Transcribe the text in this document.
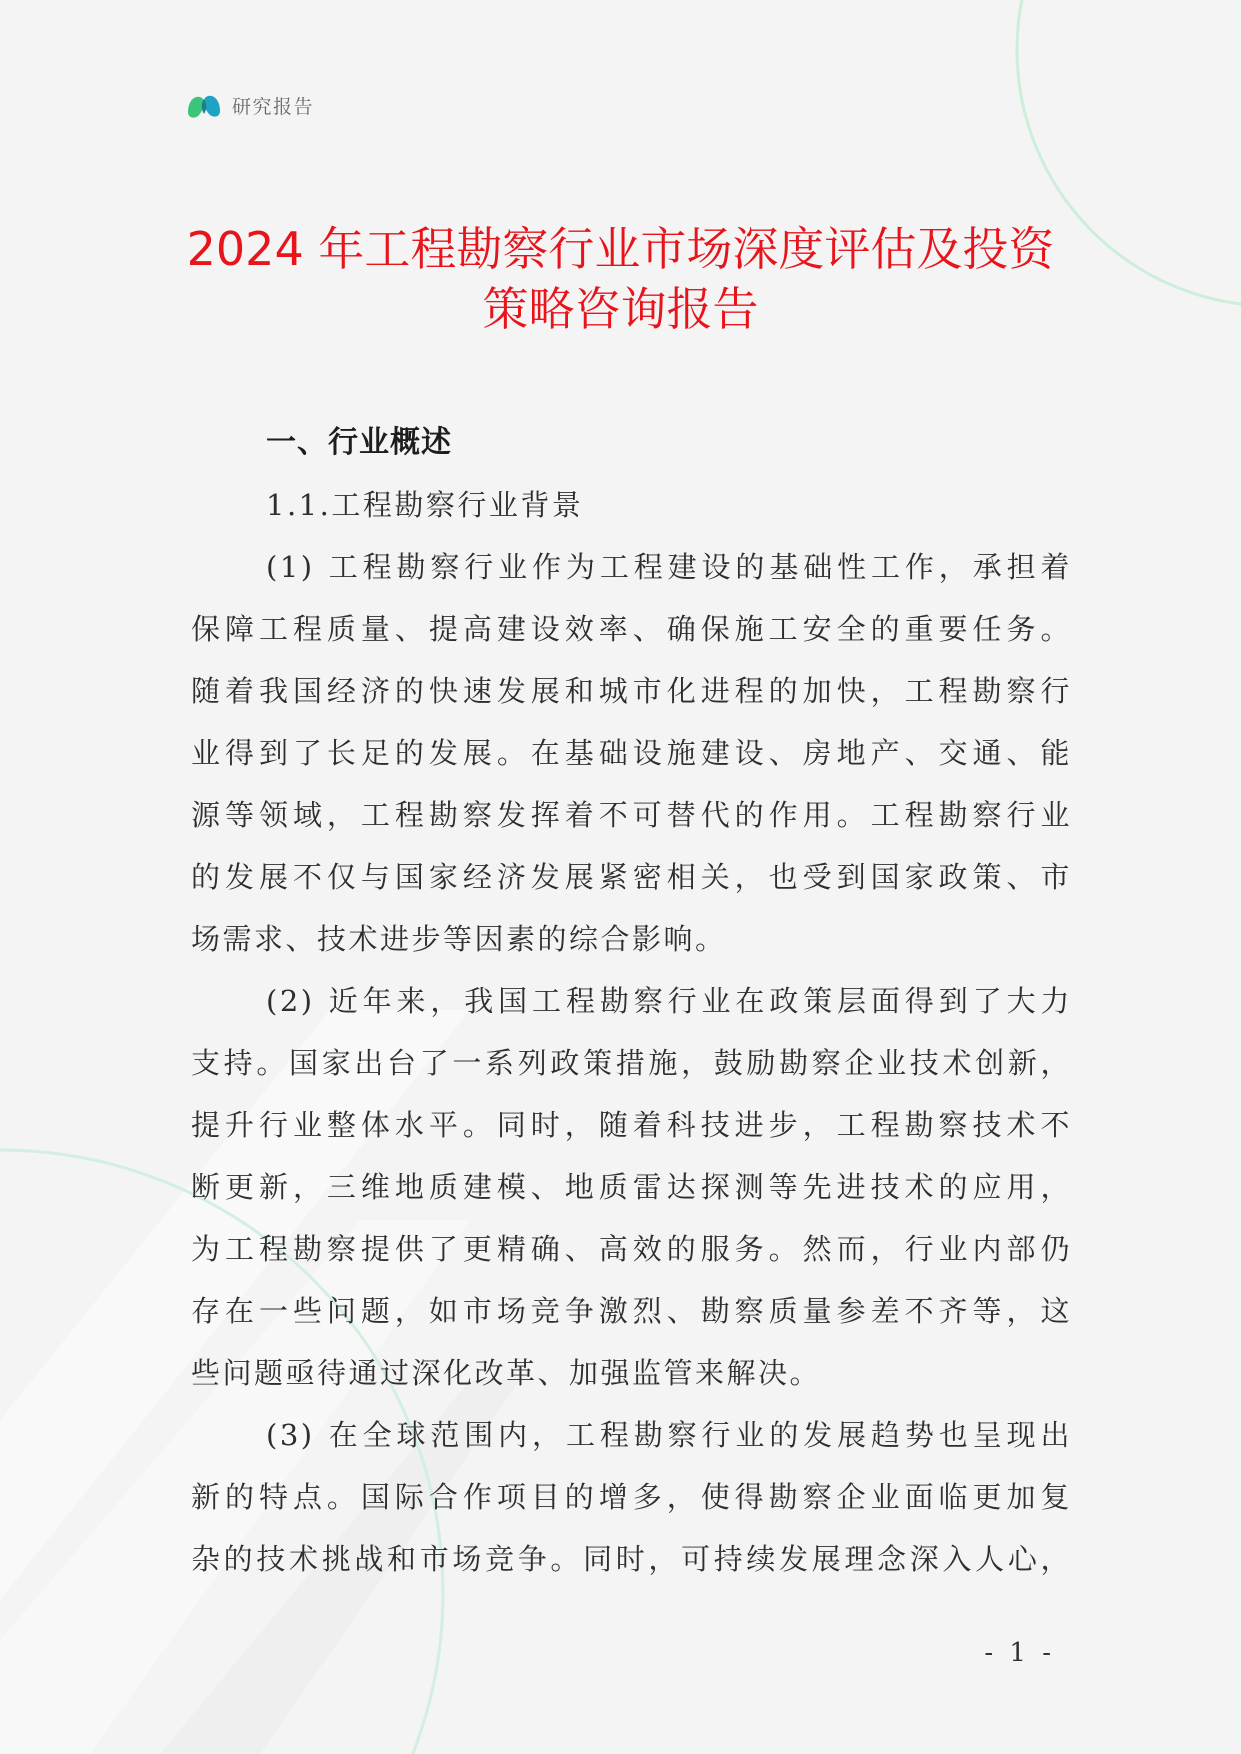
研究报告
2024 年工程勘察行业市场深度评估及投资
策略咨询报告
一、行业概述
1.1.工程勘察行业背景
(1) 工程勘察行业作为工程建设的基础性工作，承担着
保障工程质量、提高建设效率、确保施工安全的重要任务。
随着我国经济的快速发展和城市化进程的加快，工程勘察行
业得到了长足的发展。在基础设施建设、房地产、交通、能
源等领域，工程勘察发挥着不可替代的作用。工程勘察行业
的发展不仅与国家经济发展紧密相关，也受到国家政策、市
场需求、技术进步等因素的综合影响。
(2) 近年来，我国工程勘察行业在政策层面得到了大力
支持。国家出台了一系列政策措施，鼓励勘察企业技术创新，
提升行业整体水平。同时，随着科技进步，工程勘察技术不
断更新，三维地质建模、地质雷达探测等先进技术的应用，
为工程勘察提供了更精确、高效的服务。然而，行业内部仍
存在一些问题，如市场竞争激烈、勘察质量参差不齐等，这
些问题亟待通过深化改革、加强监管来解决。
(3) 在全球范围内，工程勘察行业的发展趋势也呈现出
新的特点。国际合作项目的增多，使得勘察企业面临更加复
杂的技术挑战和市场竞争。同时，可持续发展理念深入人心，
- 1 -
